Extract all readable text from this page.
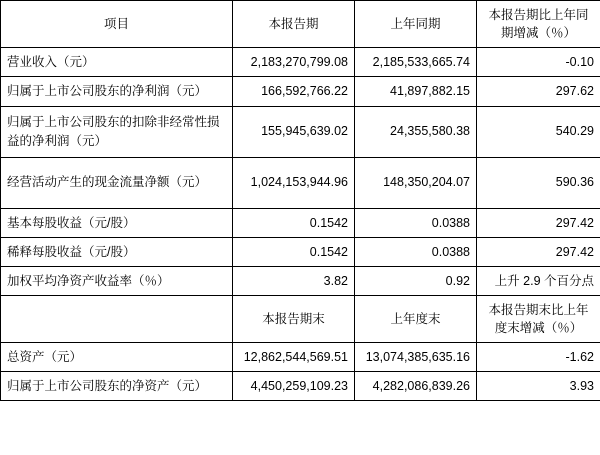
项目	本报告期	上年同期	本报告期比上年同期增减（％）
营业收入（元）	2,183,270,799.08	2,185,533,665.74	-0.10
归属于上市公司股东的净利润（元）	166,592,766.22	41,897,882.15	297.62
归属于上市公司股东的扣除非经常性损益的净利润（元）	155,945,639.02	24,355,580.38	540.29
经营活动产生的现金流量净额（元）	1,024,153,944.96	148,350,204.07	590.36
基本每股收益（元/股）	0.1542	0.0388	297.42
稀释每股收益（元/股）	0.1542	0.0388	297.42
加权平均净资产收益率（％）	3.82	0.92	上升 2.9 个百分点
	本报告期末	上年度末	本报告期末比上年度末增减（％）
总资产（元）	12,862,544,569.51	13,074,385,635.16	-1.62
归属于上市公司股东的净资产（元）	4,450,259,109.23	4,282,086,839.26	3.93
